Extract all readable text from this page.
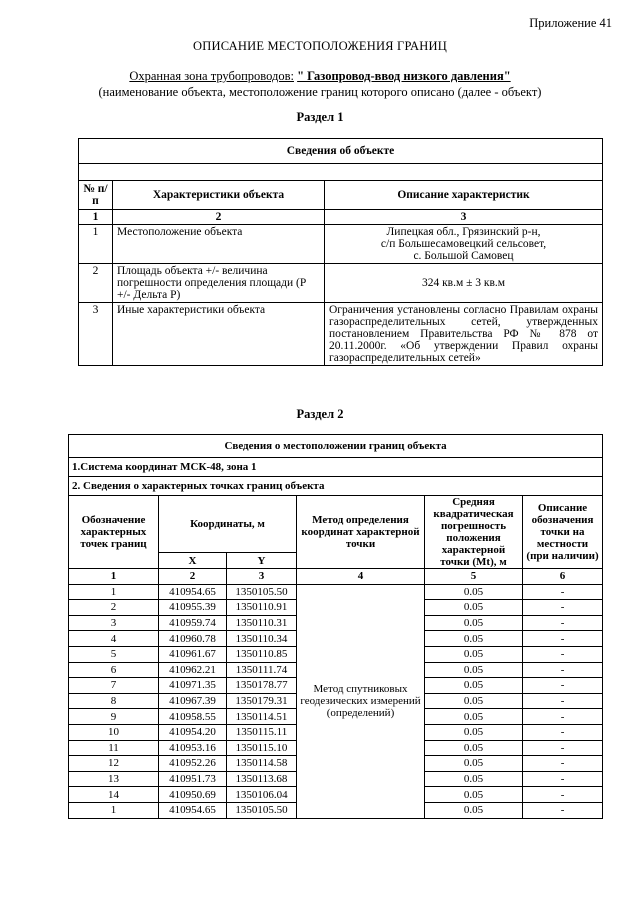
Приложение 41
ОПИСАНИЕ МЕСТОПОЛОЖЕНИЯ ГРАНИЦ
Охранная зона трубопроводов: " Газопровод-ввод низкого давления"
(наименование объекта, местоположение границ которого описано (далее - объект)
Раздел 1
Сведения об объекте		

№ п/п	Характеристики объекта	Описание характеристик
1	2	3
1	Местоположение объекта	Липецкая обл., Грязинский р-н,
с/п Большесамовецкий сельсовет,
с. Большой Самовец

2	Площадь объекта +/- величина погрешности определения площади (Р +/- Дельта Р)	324 кв.м ± 3 кв.м
3	Иные характеристики объекта	Ограничения установлены согласно Правилам охраны газораспределительных сетей, утвержденных постановлением Правительства РФ № 878 от 20.11.2000г. «Об утверждении Правил охраны газораспределительных сетей»
Раздел 2
Сведения о местоположении границ объекта					
1.Система координат МСК-48, зона 1					
2. Сведения о характерных точках границ объекта					
Обозначение характерных точек границ	Координаты, м		Метод определения координат характерной точки	Средняя квадратическая погрешность положения характерной точки (Mt), м	Описание обозначения точки на местности (при наличии)
	X	Y			
1	2	3	4	5	6
1	410954.65	1350105.50	Метод спутниковых геодезических измерений (определений)	0.05	-
2	410955.39	1350110.91		0.05	-
3	410959.74	1350110.31		0.05	-
4	410960.78	1350110.34		0.05	-
5	410961.67	1350110.85		0.05	-
6	410962.21	1350111.74		0.05	-
7	410971.35	1350178.77		0.05	-
8	410967.39	1350179.31		0.05	-
9	410958.55	1350114.51		0.05	-
10	410954.20	1350115.11		0.05	-
11	410953.16	1350115.10		0.05	-
12	410952.26	1350114.58		0.05	-
13	410951.73	1350113.68		0.05	-
14	410950.69	1350106.04		0.05	-
1	410954.65	1350105.50		0.05	-
